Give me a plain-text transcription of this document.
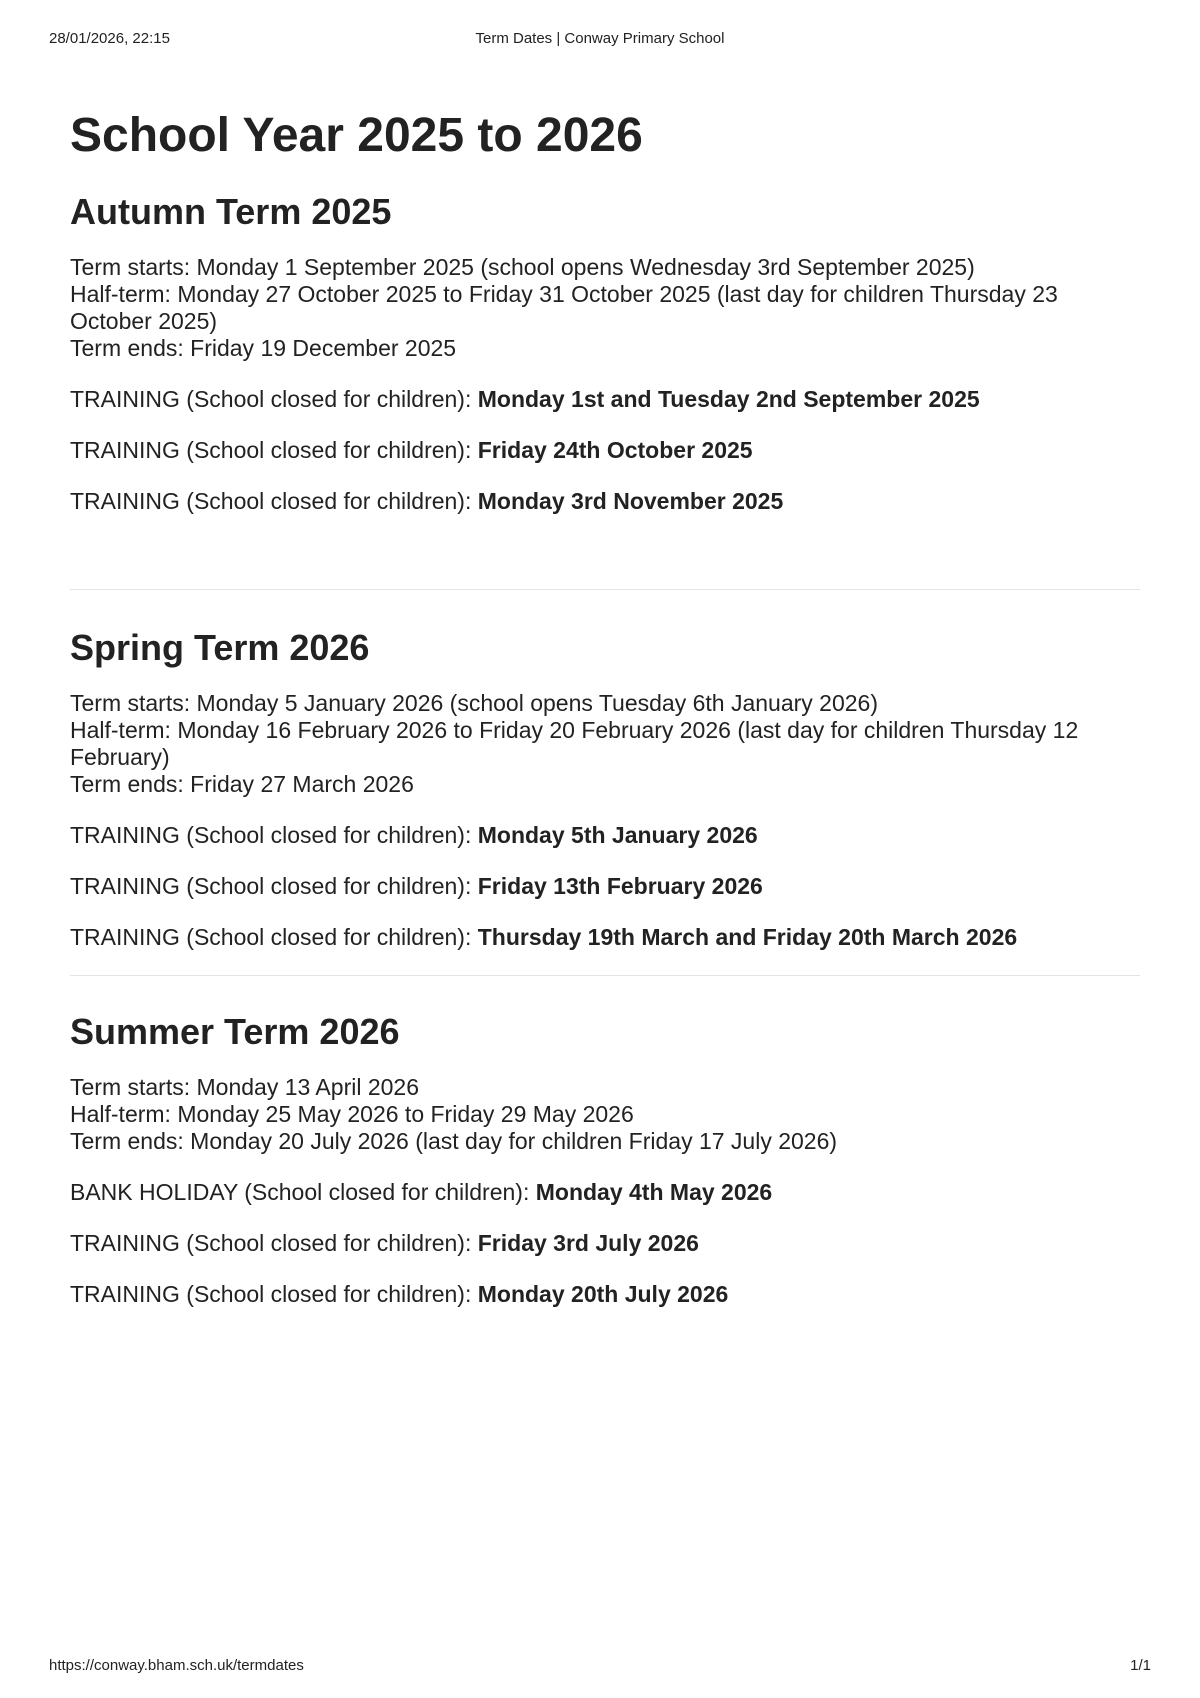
28/01/2026, 22:15	Term Dates | Conway Primary School
School Year 2025 to 2026
Autumn Term 2025
Term starts: Monday 1 September 2025 (school opens Wednesday 3rd September 2025)
Half-term: Monday 27 October 2025 to Friday 31 October 2025 (last day for children Thursday 23 October 2025)
Term ends: Friday 19 December 2025
TRAINING (School closed for children): Monday 1st and Tuesday 2nd September 2025
TRAINING (School closed for children): Friday 24th October 2025
TRAINING (School closed for children): Monday 3rd November 2025
Spring Term 2026
Term starts: Monday 5 January 2026 (school opens Tuesday 6th January 2026)
Half-term: Monday 16 February 2026 to Friday 20 February 2026 (last day for children Thursday 12 February)
Term ends: Friday 27 March 2026
TRAINING (School closed for children): Monday 5th January 2026
TRAINING (School closed for children): Friday 13th February 2026
TRAINING (School closed for children): Thursday 19th March and Friday 20th March 2026
Summer Term 2026
Term starts: Monday 13 April 2026
Half-term: Monday 25 May 2026 to Friday 29 May 2026
Term ends: Monday 20 July 2026 (last day for children Friday 17 July 2026)
BANK HOLIDAY (School closed for children): Monday 4th May 2026
TRAINING (School closed for children): Friday 3rd July 2026
TRAINING (School closed for children): Monday 20th July 2026
https://conway.bham.sch.uk/termdates	1/1
